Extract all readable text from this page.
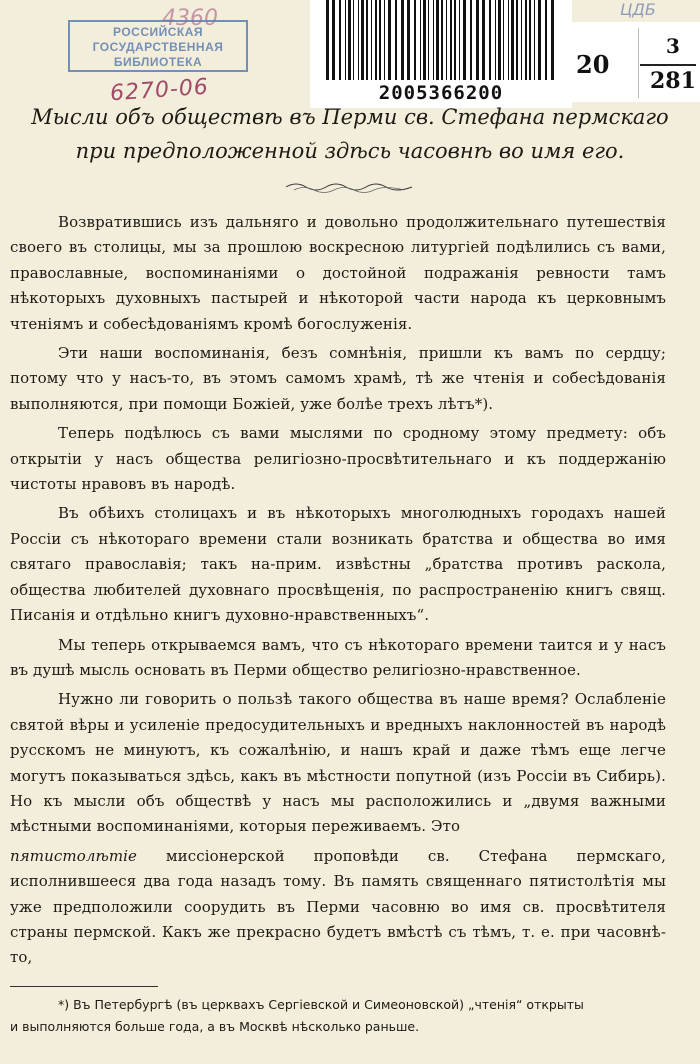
4360
РОССИЙСКАЯ
ГОСУДАРСТВЕННАЯ
БИБЛИОТЕКА
6270-06
ЦДБ
2005366200
20
3
281
Мысли объ обществѣ въ Перми св. Стефана пермскаго
при предположенной здѣсь часовнѣ во имя его.

Возвратившись изъ дальняго и довольно продолжительнаго путешествія своего въ столицы, мы за прошлою воскресною литургіей подѣлились съ вами, православные, воспоминаніями о достойной подражанія ревности тамъ нѣкоторыхъ духовныхъ пастырей и нѣкоторой части народа къ церковнымъ чтеніямъ и собесѣдованіямъ кромѣ богослуженія.

Эти наши воспоминанія, безъ сомнѣнія, пришли къ вамъ по сердцу; потому что у насъ-то, въ этомъ самомъ храмѣ, тѣ же чтенія и собесѣдованія выполняются, при помощи Божіей, уже болѣе трехъ лѣтъ*).

Теперь подѣлюсь съ вами мыслями по сродному этому предмету: объ открытіи у насъ общества религіозно-просвѣтительнаго и къ поддержанію чистоты нравовъ въ народѣ.

Въ обѣихъ столицахъ и въ нѣкоторыхъ многолюдныхъ городахъ нашей Россіи съ нѣкотораго времени стали возникать братства и общества во имя святаго православія; такъ на-прим. извѣстны „братства противъ раскола, общества любителей духовнаго просвѣщенія, по распространенію книгъ свящ. Писанія и отдѣльно книгъ духовно-нравственныхъ“.

Мы теперь открываемся вамъ, что съ нѣкотораго времени таится и у насъ въ душѣ мысль основать въ Перми общество религіозно-нравственное.

Нужно ли говорить о пользѣ такого общества въ наше время? Ослабленіе святой вѣры и усиленіе предосудительныхъ и вредныхъ наклонностей въ народѣ русскомъ не минуютъ, къ сожалѣнію, и нашъ край и даже тѣмъ еще легче могутъ показываться здѣсь, какъ въ мѣстности попутной (изъ Россіи въ Сибирь). Но къ мысли объ обществѣ у насъ мы расположились и „двумя важными мѣстными воспоминаніями, которыя переживаемъ. Это

пятистолѣтіе миссіонерской проповѣди св. Стефана пермскаго, исполнившееся два года назадъ тому. Въ память священнаго пятистолѣтія мы уже предположили соорудить въ Перми часовню во имя св. просвѣтителя страны пермской. Какъ же прекрасно будетъ вмѣстѣ съ тѣмъ, т. е. при часовнѣ-то,

*) Въ Петербургѣ (въ церквахъ Сергіевской и Симеоновской) „чтенія“ открыты
и выполняются больше года, а въ Москвѣ нѣсколько раньше.
